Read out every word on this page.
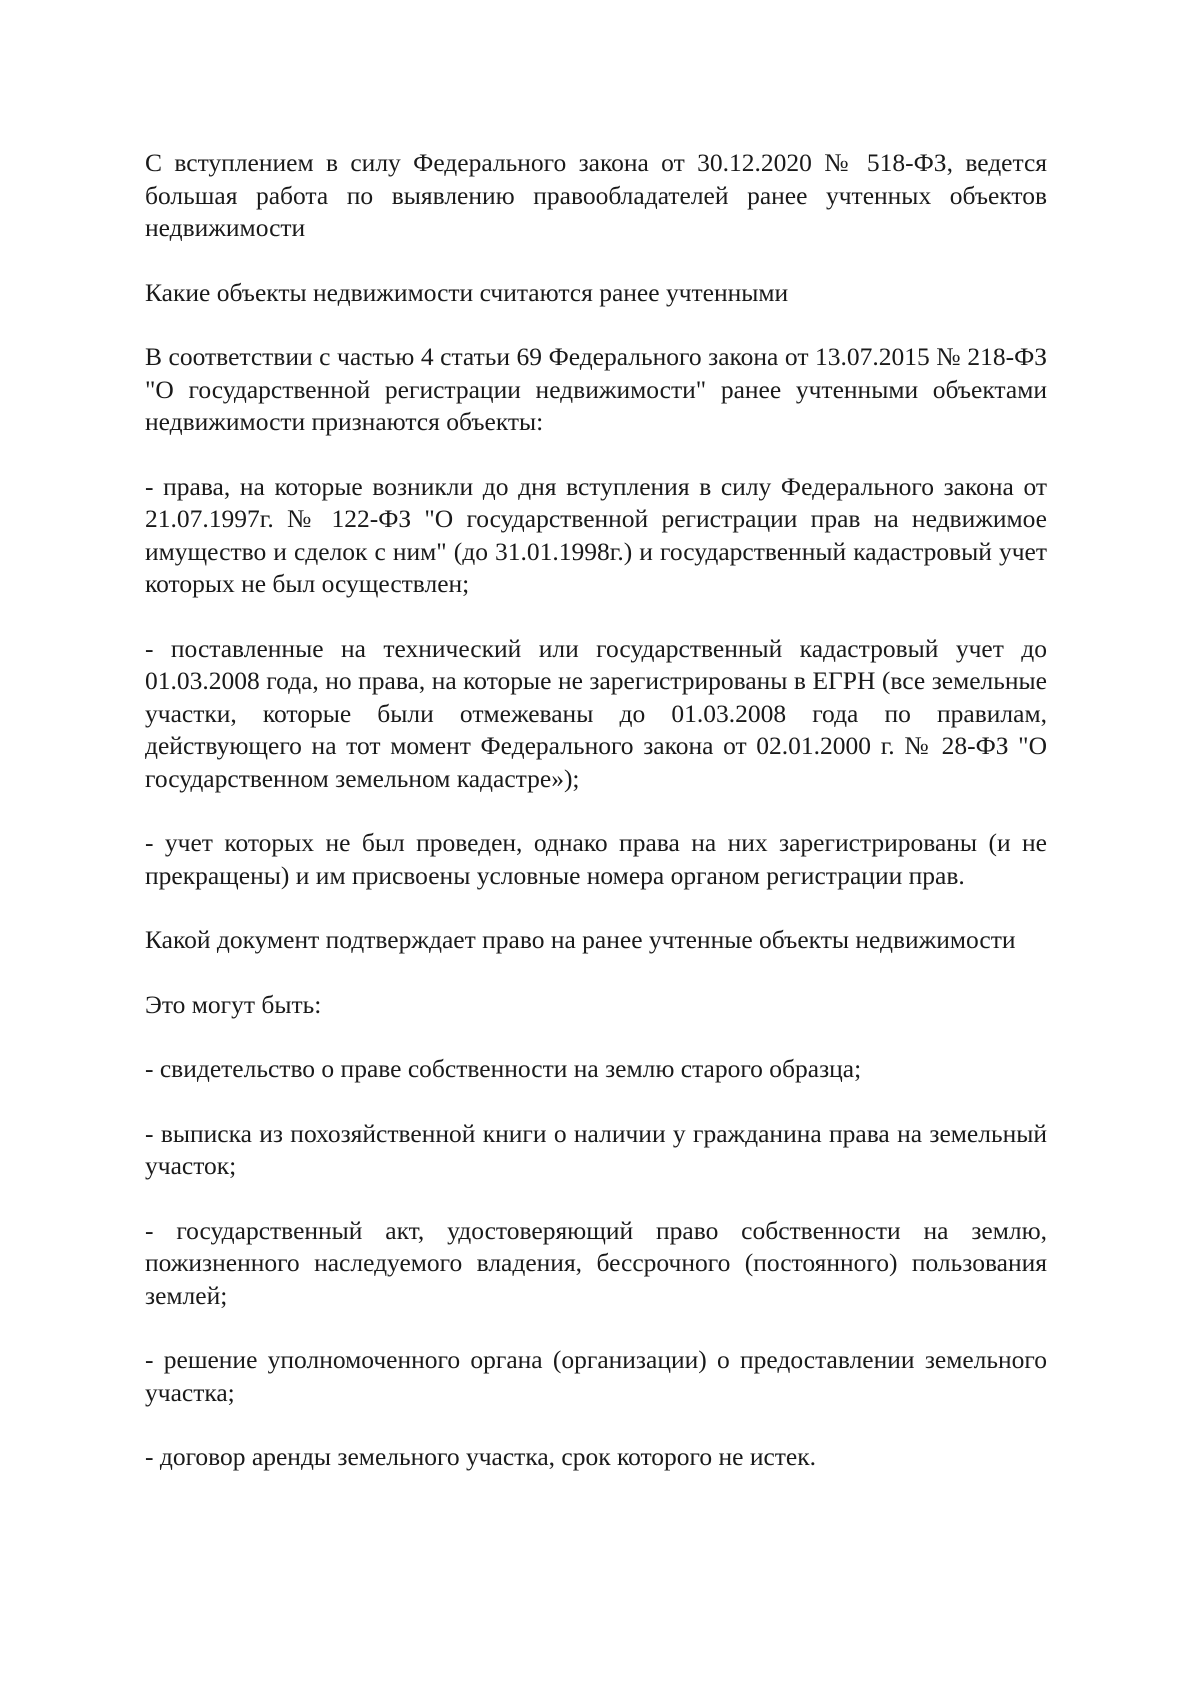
С вступлением в силу Федерального закона от 30.12.2020 № 518-ФЗ, ведется большая работа по выявлению правообладателей ранее учтенных объектов недвижимости

Какие объекты недвижимости считаются ранее учтенными

В соответствии с частью 4 статьи 69 Федерального закона от 13.07.2015 № 218-ФЗ "О государственной регистрации недвижимости" ранее учтенными объектами недвижимости признаются объекты:

- права, на которые возникли до дня вступления в силу Федерального закона от 21.07.1997г. № 122-ФЗ "О государственной регистрации прав на недвижимое имущество и сделок с ним" (до 31.01.1998г.) и государственный кадастровый учет которых не был осуществлен;

- поставленные на технический или государственный кадастровый учет до 01.03.2008 года, но права, на которые не зарегистрированы в ЕГРН (все земельные участки, которые были отмежеваны до 01.03.2008 года по правилам, действующего на тот момент Федерального закона от 02.01.2000 г. № 28-ФЗ "О государственном земельном кадастре»);

- учет которых не был проведен, однако права на них зарегистрированы (и не прекращены) и им присвоены условные номера органом регистрации прав.

Какой документ подтверждает право на ранее учтенные объекты недвижимости

Это могут быть:

- свидетельство о праве собственности на землю старого образца;

- выписка из похозяйственной книги о наличии у гражданина права на земельный участок;

- государственный акт, удостоверяющий право собственности на землю, пожизненного наследуемого владения, бессрочного (постоянного) пользования землей;

- решение уполномоченного органа (организации) о предоставлении земельного участка;

- договор аренды земельного участка, срок которого не истек.
